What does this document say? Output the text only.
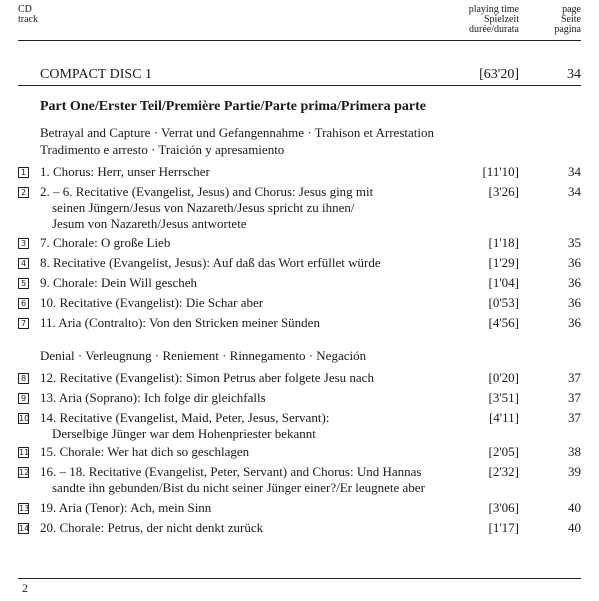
CD
track
playing time
Spielzeit
durée/durata
page
Seite
pagina
COMPACT DISC 1	[63'20]	34
Part One/Erster Teil/Première Partie/Parte prima/Primera parte
Betrayal and Capture · Verrat und Gefangennahme · Trahison et Arrestation
Tradimento e arresto · Traición y apresamiento
1 1. Chorus: Herr, unser Herrscher	[11'10]	34
2 2. – 6. Recitative (Evangelist, Jesus) and Chorus: Jesus ging mit
seinen Jüngern/Jesus von Nazareth/Jesus spricht zu ihnen/
Jesum von Nazareth/Jesus antwortete
[3'26]	34
3 7. Chorale: O große Lieb	[1'18]	35
4 8. Recitative (Evangelist, Jesus): Auf daß das Wort erfüllet würde	[1'29]	36
5 9. Chorale: Dein Will gescheh	[1'04]	36
6 10. Recitative (Evangelist): Die Schar aber	[0'53]	36
7 11. Aria (Contralto): Von den Stricken meiner Sünden	[4'56]	36
8 12. Recitative (Evangelist): Simon Petrus aber folgete Jesu nach	[0'20]	37
9 13. Aria (Soprano): Ich folge dir gleichfalls	[3'51]	37
10 14. Recitative (Evangelist, Maid, Peter, Jesus, Servant):
Derselbige Jünger war dem Hohenpriester bekannt
[4'11]	37
11 15. Chorale: Wer hat dich so geschlagen	[2'05]	38
12 16. – 18. Recitative (Evangelist, Peter, Servant) and Chorus: Und Hannas
sandte ihn gebunden/Bist du nicht seiner Jünger einer?/Er leugnete aber
[2'32]	39
13 19. Aria (Tenor): Ach, mein Sinn	[3'06]	40
14 20. Chorale: Petrus, der nicht denkt zurück	[1'17]	40
Denial · Verleugnung · Reniement · Rinnegamento · Negación
2
